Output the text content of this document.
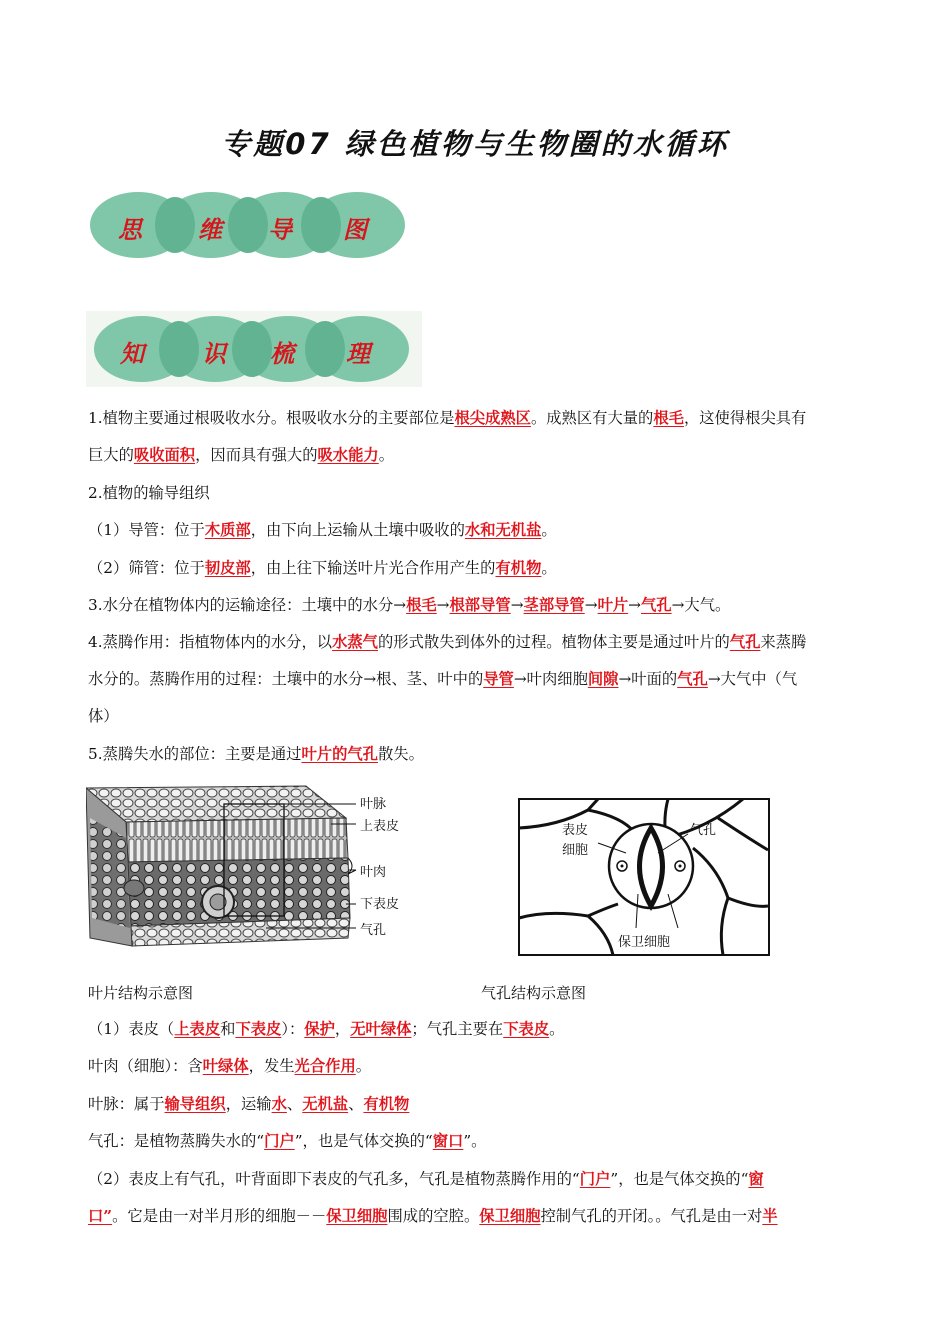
专题07 绿色植物与生物圈的水循环
思 维 导 图
知 识 梳 理
1.植物主要通过根吸收水分。根吸收水分的主要部位是根尖成熟区。成熟区有大量的根毛，这使得根尖具有
巨大的吸收面积，因而具有强大的吸水能力。
2.植物的输导组织
（1）导管：位于木质部，由下向上运输从土壤中吸收的水和无机盐。
（2）筛管：位于韧皮部，由上往下输送叶片光合作用产生的有机物。
3.水分在植物体内的运输途径：土壤中的水分→根毛→根部导管→茎部导管→叶片→气孔→大气。
4.蒸腾作用：指植物体内的水分，以水蒸气的形式散失到体外的过程。植物体主要是通过叶片的气孔来蒸腾
水分的。蒸腾作用的过程：土壤中的水分→根、茎、叶中的导管→叶肉细胞间隙→叶面的气孔→大气中（气
体）
5.蒸腾失水的部位：主要是通过叶片的气孔散失。
叶脉
上表皮
叶肉
下表皮
气孔
表皮
细胞
气孔
保卫细胞
叶片结构示意图	气孔结构示意图
（1）表皮（上表皮和下表皮）：保护，无叶绿体；气孔主要在下表皮。
叶肉（细胞）：含叶绿体，发生光合作用。
叶脉：属于输导组织，运输水、无机盐、有机物
气孔：是植物蒸腾失水的“门户”，也是气体交换的“窗口”。
（2）表皮上有气孔，叶背面即下表皮的气孔多，气孔是植物蒸腾作用的“门户”，也是气体交换的“窗
口”。它是由一对半月形的细胞－－保卫细胞围成的空腔。保卫细胞控制气孔的开闭。。气孔是由一对半
